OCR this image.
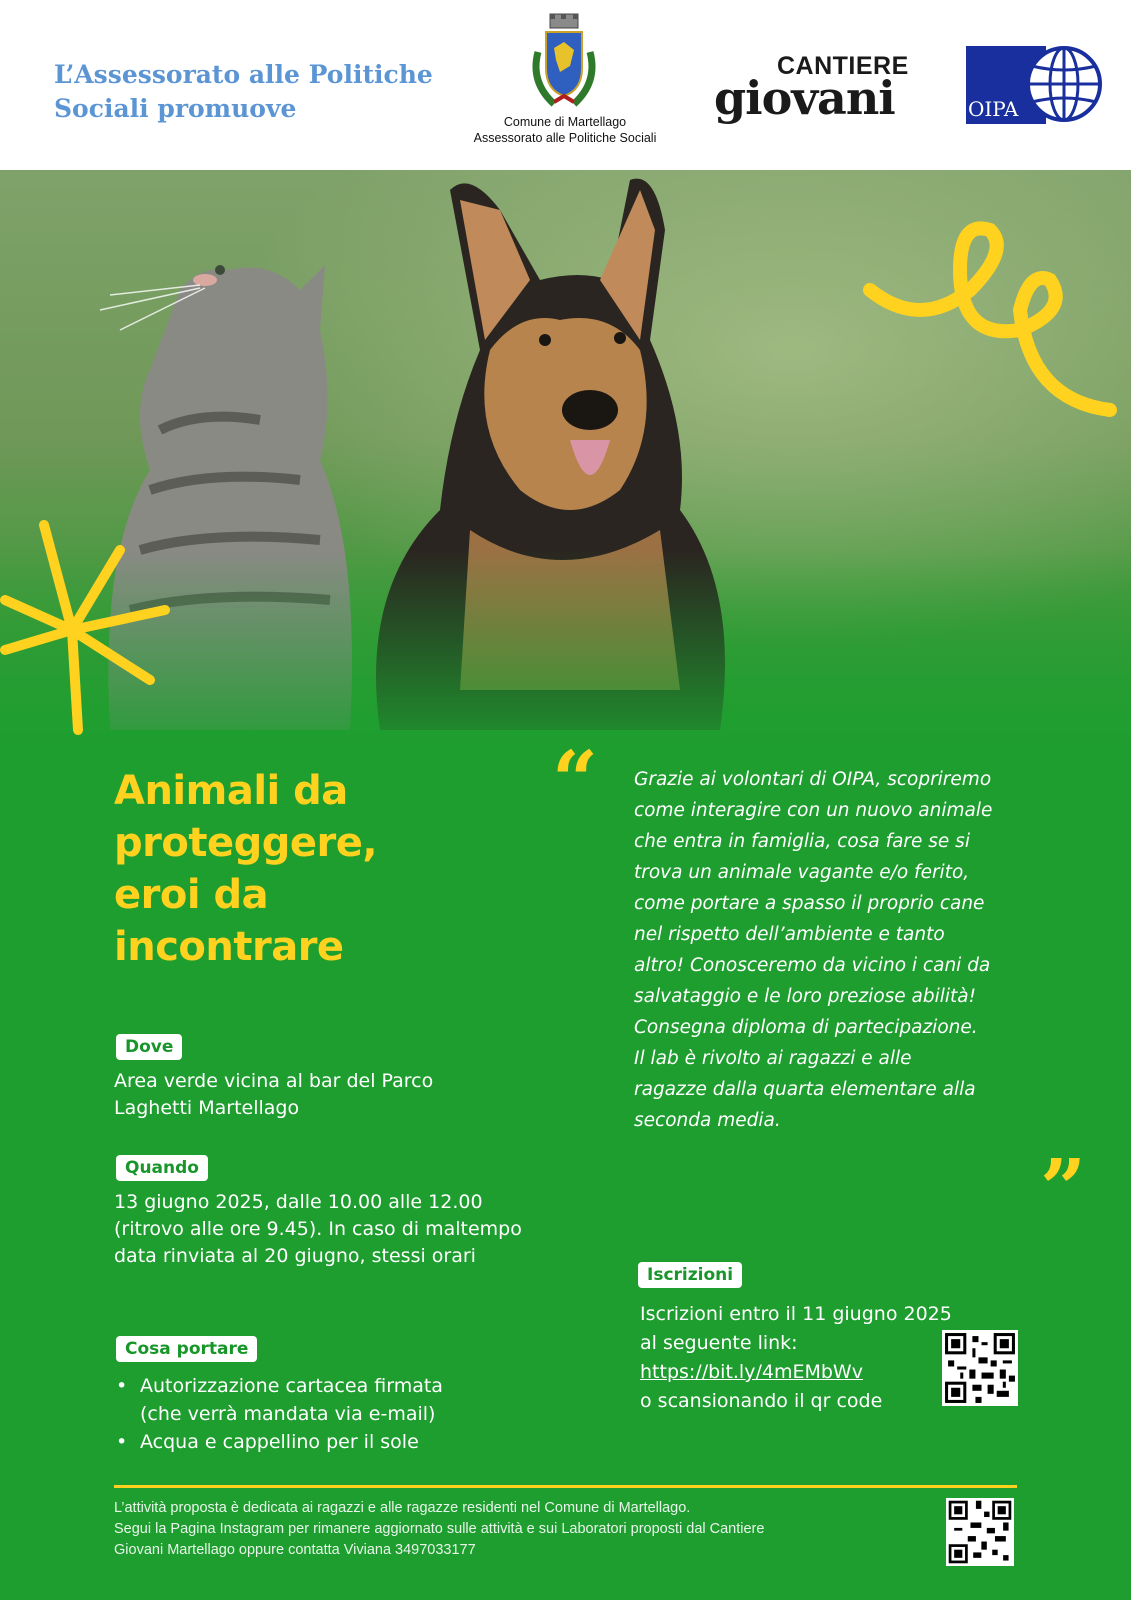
L’Assessorato alle Politiche
Sociali promuove	Comune di Martellago
Assessorato alle Politiche Sociali
CANTIERE
giovani	OIPA
Animali da
proteggere,
eroi da
incontrare
Dove
Area verde vicina al bar del Parco
Laghetti Martellago
Quando
13 giugno 2025, dalle 10.00 alle 12.00
(ritrovo alle ore 9.45). In caso di maltempo
data rinviata al 20 giugno, stessi orari
Cosa portare
• Autorizzazione cartacea firmata
(che verrà mandata via e-mail)
• Acqua e cappellino per il sole
“ Grazie ai volontari di OIPA, scopriremo
come interagire con un nuovo animale
che entra in famiglia, cosa fare se si
trova un animale vagante e/o ferito,
come portare a spasso il proprio cane
nel rispetto dell’ambiente e tanto
altro! Conosceremo da vicino i cani da
salvataggio e le loro preziose abilità!
Consegna diploma di partecipazione.
Il lab è rivolto ai ragazzi e alle
ragazze dalla quarta elementare alla
seconda media.
”
Iscrizioni
Iscrizioni entro il 11 giugno 2025
al seguente link:
https://bit.ly/4mEMbWv
o scansionando il qr code
L’attività proposta è dedicata ai ragazzi e alle ragazze residenti nel Comune di Martellago.
Segui la Pagina Instagram per rimanere aggiornato sulle attività e sui Laboratori proposti dal Cantiere
Giovani Martellago oppure contatta Viviana 3497033177
